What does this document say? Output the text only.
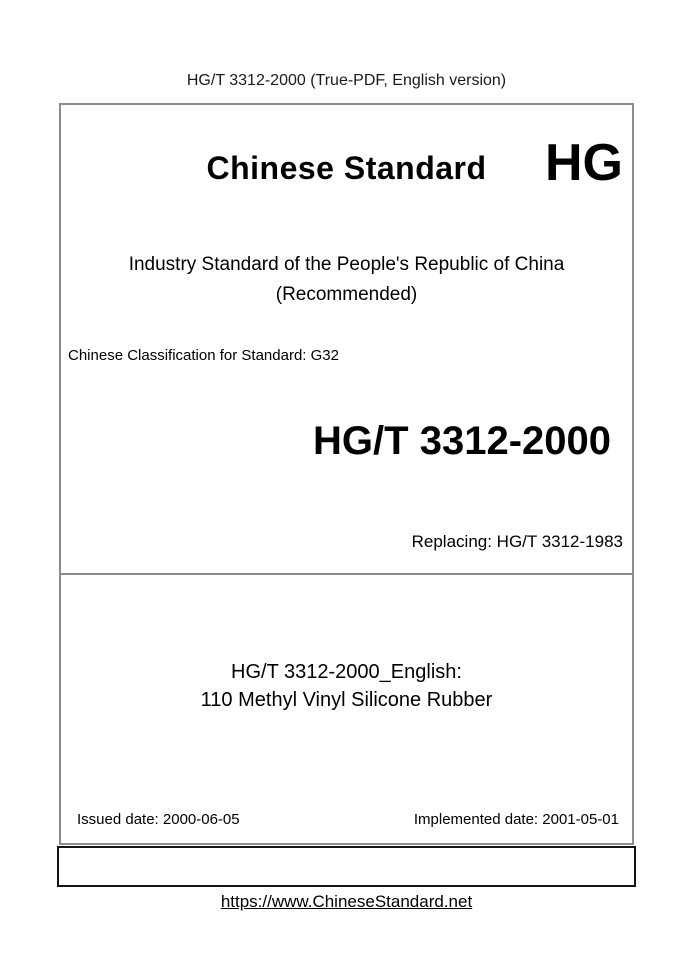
HG/T 3312-2000 (True-PDF, English version)
Chinese Standard	HG
Industry Standard of the People's Republic of China
(Recommended)
Chinese Classification for Standard: G32
HG/T 3312-2000
Replacing: HG/T 3312-1983
HG/T 3312-2000_English:
110 Methyl Vinyl Silicone Rubber
Issued date: 2000-06-05	Implemented date: 2001-05-01
https://www.ChineseStandard.net
